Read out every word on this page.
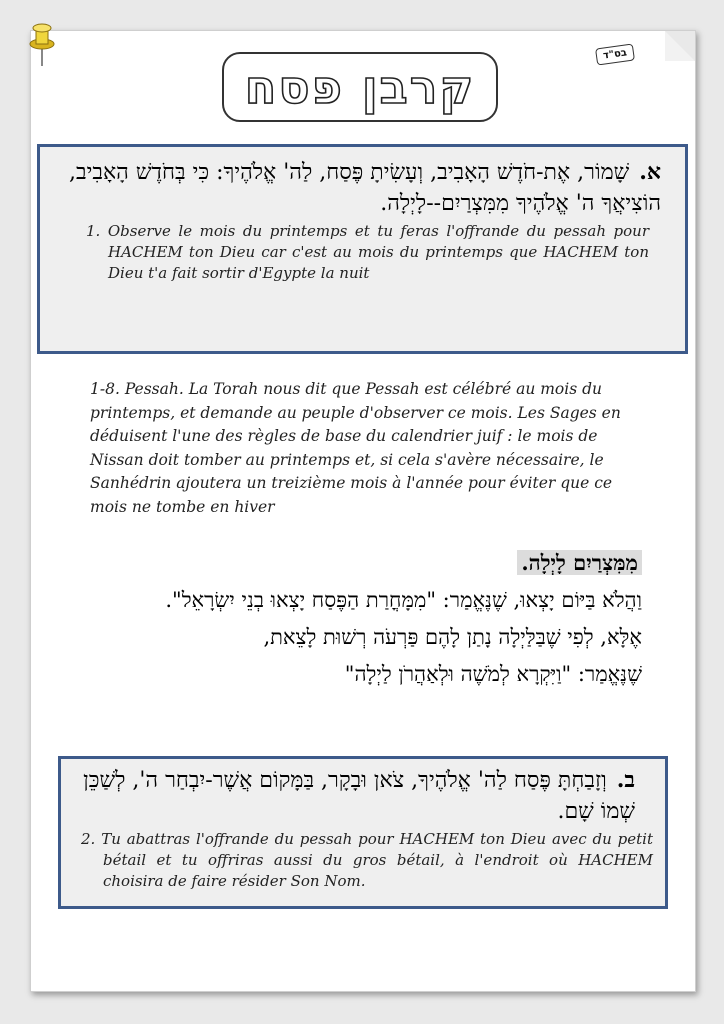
בס"ד
קרבן פסח

א.שָׁמוֹר, אֶת-חֹדֶשׁ הָאָבִיב, וְעָשִׂיתָ פֶּסַח, לַה' אֱלֹהֶיךָ: כִּי בְּחֹדֶשׁ הָאָבִיב, הוֹצִיאֲךָ ה' אֱלֹהֶיךָ מִמִּצְרַיִם--לָיְלָה.

1. Observe le mois du printemps et tu feras l'offrande du pessah pour HACHEM ton Dieu car c'est au mois du printemps que HACHEM ton Dieu t'a fait sortir d'Egypte la nuit

1-8. Pessah. La Torah nous dit que Pessah est célébré au mois du printemps, et demande au peuple d'observer ce mois. Les Sages en déduisent l'une des règles de base du calendrier juif : le mois de Nissan doit tomber au printemps et, si cela s'avère nécessaire, le Sanhédrin ajoutera un treizième mois à l'année pour éviter que ce mois ne tombe en hiver

מִמִּצְרַיִם לָיְלָה.
וַהֲלֹא בַּיּוֹם יָצְאוּ, שֶׁנֶּאֱמַר: "מִמָּחֳרַת הַפֶּסַח יָצְאוּ בְנֵי יִשְׂרָאֵל".
אֶלָּא, לְפִי שֶׁבַּלַּיְלָה נָתַן לָהֶם פַּרְעֹה רְשׁוּת לָצֵאת,
שֶׁנֶּאֱמַר: "וַיִּקְרָא לְמֹשֶׁה וּלְאַהֲרֹן לַיְלָה"

ב.וְזָבַחְתָּ פֶּסַח לַה' אֱלֹהֶיךָ, צֹאן וּבָקָר, בַּמָּקוֹם אֲשֶׁר-יִבְחַר ה', לְשַׁכֵּן שְׁמוֹ שָׁם.

2. Tu abattras l'offrande du pessah pour HACHEM ton Dieu avec du petit bétail et tu offriras aussi du gros bétail, à l'endroit où HACHEM choisira de faire résider Son Nom.
